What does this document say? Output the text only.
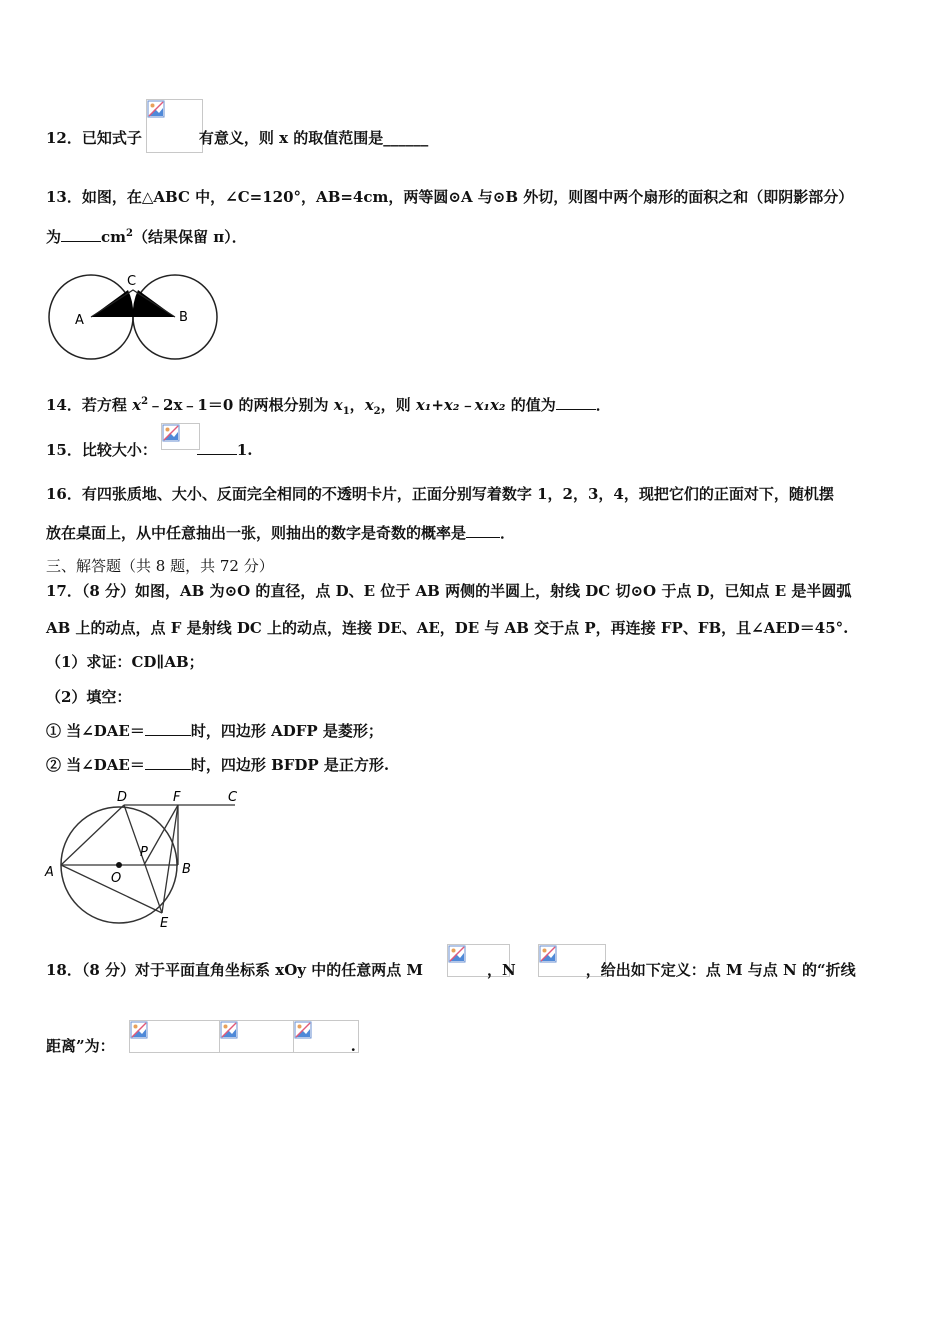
12．已知式子	有意义，则 x 的取值范围是______
13．如图，在△ABC 中，∠C=120°，AB=4cm，两等圆⊙A 与⊙B 外切，则图中两个扇形的面积之和（即阴影部分）
为	$cm^2$（结果保留 π）．
A	B
C
14．若方程 $x^2﹣2x﹣1=0$ 的两根分别为 $x_1$，$x_2$，则 x₁+x₂﹣x₁x₂ 的值为	．
15．比较大小：	1.
16．有四张质地、大小、反面完全相同的不透明卡片，正面分别写着数字 1，2，3，4，现把它们的正面对下，随机摆
放在桌面上，从中任意抽出一张，则抽出的数字是奇数的概率是 ．
三、解答题（共 8 题，共 72 分）
17．（8 分）如图，AB 为⊙O 的直径，点 D、E 位于 AB 两侧的半圆上，射线 DC 切⊙O 于点 D，已知点 E 是半圆弧
AB 上的动点，点 F 是射线 DC 上的动点，连接 DE、AE，DE 与 AB 交于点 P，再连接 FP、FB，且∠AED＝45°.
（1）求证：CD∥AB；
（2）填空：
① 当∠DAE＝	时，四边形 ADFP 是菱形；
② 当∠DAE＝	时，四边形 BFDP 是正方形.
D	F	C
A
P
B
O
E
18．（8 分）对于平面直角坐标系 xOy 中的任意两点 M	，N	，给出如下定义：点 M 与点 N 的“折线
距离”为：	.
